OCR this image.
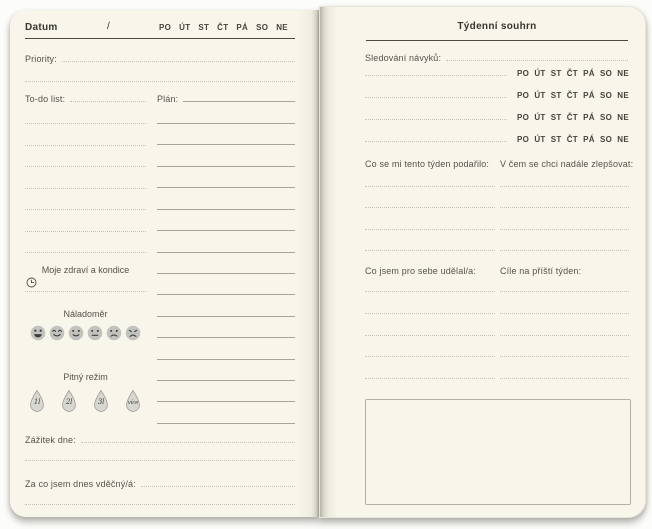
Datum	/	PO ÚT ST ČT PÁ SO NE
Priority:
To-do list:	Plán:
Moje zdraví a kondice
Náladoměr
Pitný režim
1l	2l	3l	více
Zážitek dne:
Za co jsem dnes vděčný/á:
Týdenní souhrn
Sledování návyků:
PO ÚT ST ČT PÁ SO NE
PO ÚT ST ČT PÁ SO NE
PO ÚT ST ČT PÁ SO NE
PO ÚT ST ČT PÁ SO NE
Co se mi tento týden podařilo: V čem se chci nadále zlepšovat:
Co jsem pro sebe udělal/a:	Cíle na příští týden:
